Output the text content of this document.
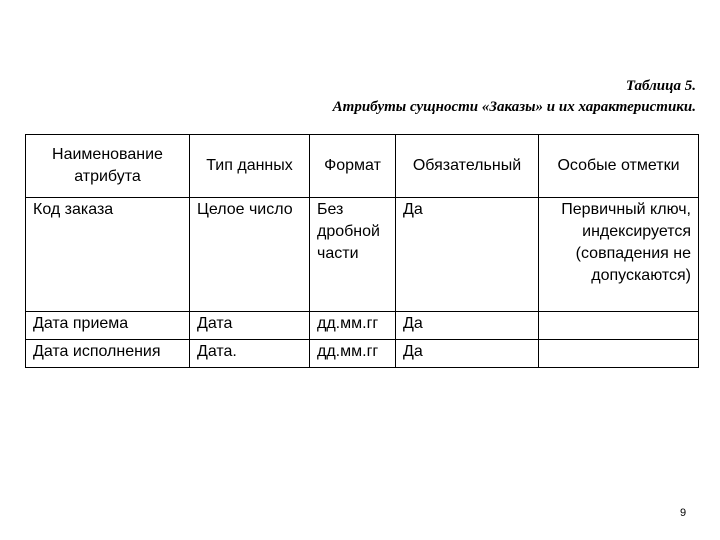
Таблица 5.
Атрибуты сущности «Заказы» и их характеристики.
Наименование атрибута	Тип данных	Формат	Обязательный	Особые отметки
Код заказа	Целое число	Без дробной части	Да	Первичный ключ, индексируется (совпадения не допускаются)
Дата приема	Дата	дд.мм.гг	Да	
Дата исполнения	Дата.	дд.мм.гг	Да	
9
